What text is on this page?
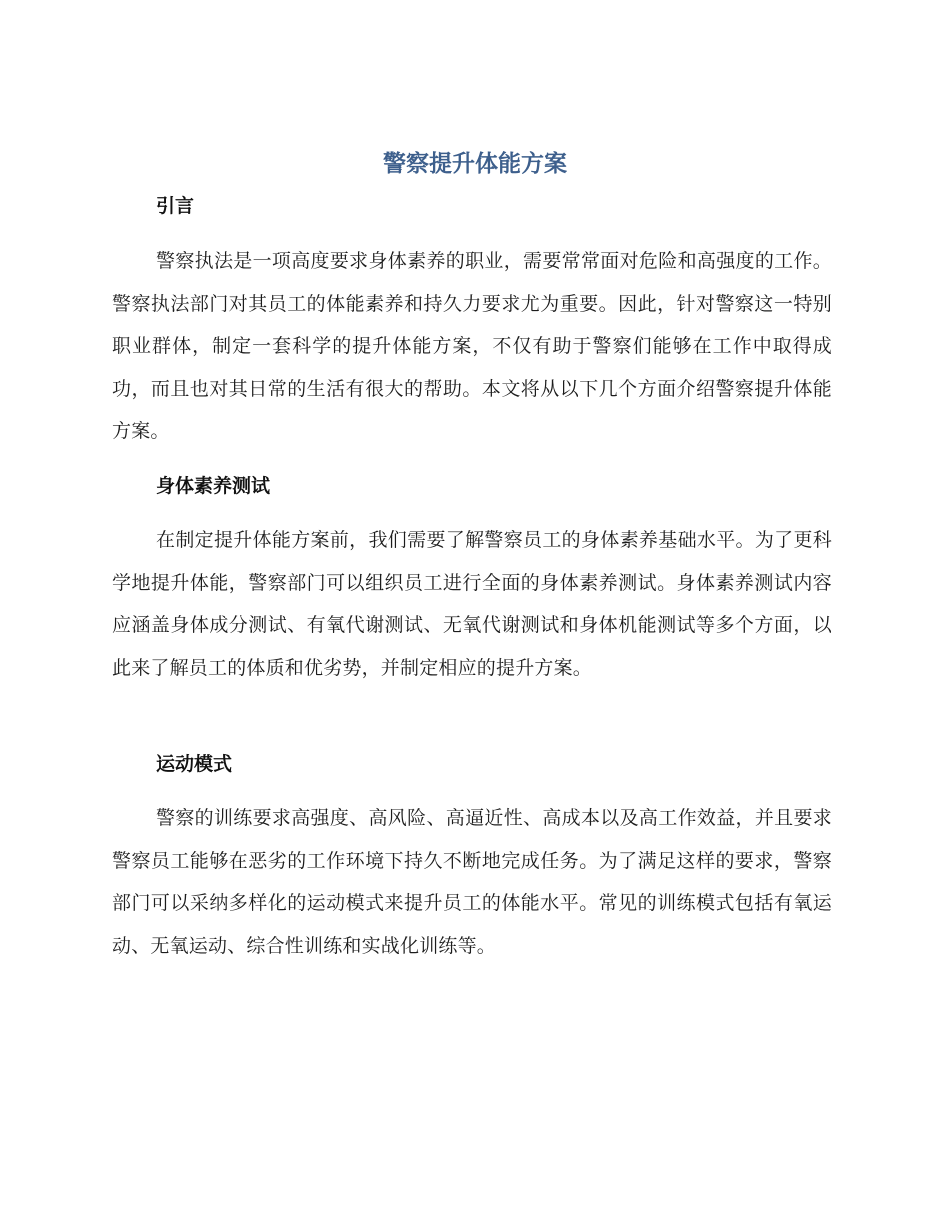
警察提升体能方案
引言

警察执法是一项高度要求身体素养的职业，需要常常面对危险和高强度的工作。警察执法部门对其员工的体能素养和持久力要求尤为重要。因此，针对警察这一特别职业群体，制定一套科学的提升体能方案，不仅有助于警察们能够在工作中取得成功，而且也对其日常的生活有很大的帮助。本文将从以下几个方面介绍警察提升体能方案。

身体素养测试

在制定提升体能方案前，我们需要了解警察员工的身体素养基础水平。为了更科学地提升体能，警察部门可以组织员工进行全面的身体素养测试。身体素养测试内容应涵盖身体成分测试、有氧代谢测试、无氧代谢测试和身体机能测试等多个方面，以此来了解员工的体质和优劣势，并制定相应的提升方案。

运动模式

警察的训练要求高强度、高风险、高逼近性、高成本以及高工作效益，并且要求警察员工能够在恶劣的工作环境下持久不断地完成任务。为了满足这样的要求，警察部门可以采纳多样化的运动模式来提升员工的体能水平。常见的训练模式包括有氧运动、无氧运动、综合性训练和实战化训练等。
